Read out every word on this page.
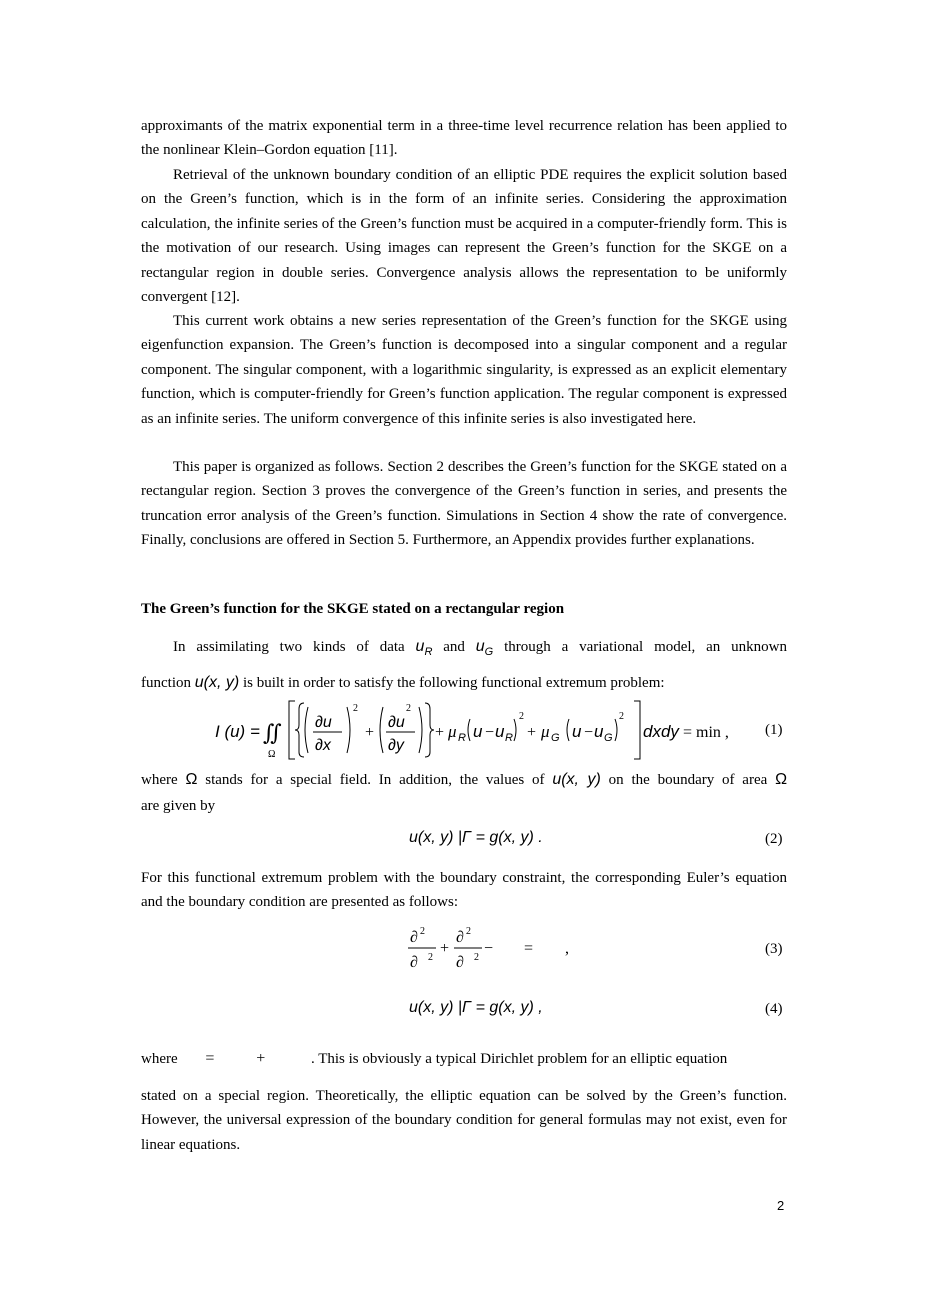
approximants of the matrix exponential term in a three-time level recurrence relation has been applied to the nonlinear Klein–Gordon equation [11].

Retrieval of the unknown boundary condition of an elliptic PDE requires the explicit solution based on the Green’s function, which is in the form of an infinite series. Considering the approximation calculation, the infinite series of the Green’s function must be acquired in a computer-friendly form. This is the motivation of our research. Using images can represent the Green’s function for the SKGE on a rectangular region in double series. Convergence analysis allows the representation to be uniformly convergent [12].

This current work obtains a new series representation of the Green’s function for the SKGE using eigenfunction expansion. The Green’s function is decomposed into a singular component and a regular component. The singular component, with a logarithmic singularity, is expressed as an explicit elementary function, which is computer-friendly for Green’s function application. The regular component is expressed as an infinite series. The uniform convergence of this infinite series is also investigated here.

This paper is organized as follows. Section 2 describes the Green’s function for the SKGE stated on a rectangular region. Section 3 proves the convergence of the Green’s function in series, and presents the truncation error analysis of the Green’s function. Simulations in Section 4 show the rate of convergence. Finally, conclusions are offered in Section 5. Furthermore, an Appendix provides further explanations.

The Green’s function for the SKGE stated on a rectangular region

In assimilating two kinds of data $u_R$ and $u_G$ through a variational model, an unknown
function u(x, y) is built in order to satisfy the following functional extremum problem:
I (u) = ∬
Ω
∂u
∂x
2
+
∂u
∂y
2
+ μ R u − u R
2
+ μ G u − u G
2
dxdy = min , (1)
where Ω stands for a special field. In addition, the values of u(x, y) on the boundary of area Ω
are given by
u(x, y) |Γ = g(x, y) .	(2)

For this functional extremum problem with the boundary constraint, the corresponding Euler’s equation and the boundary condition are presented as follows:

∂ 2
∂ 2
+
∂ 2
∂ 2
− = ,	(3)
u(x, y) |Γ = g(x, y) ,	(4)
where =	+	. This is obviously a typical Dirichlet problem for an elliptic equation

stated on a special region. Theoretically, the elliptic equation can be solved by the Green’s function. However, the universal expression of the boundary condition for general formulas may not exist, even for linear equations.

2
